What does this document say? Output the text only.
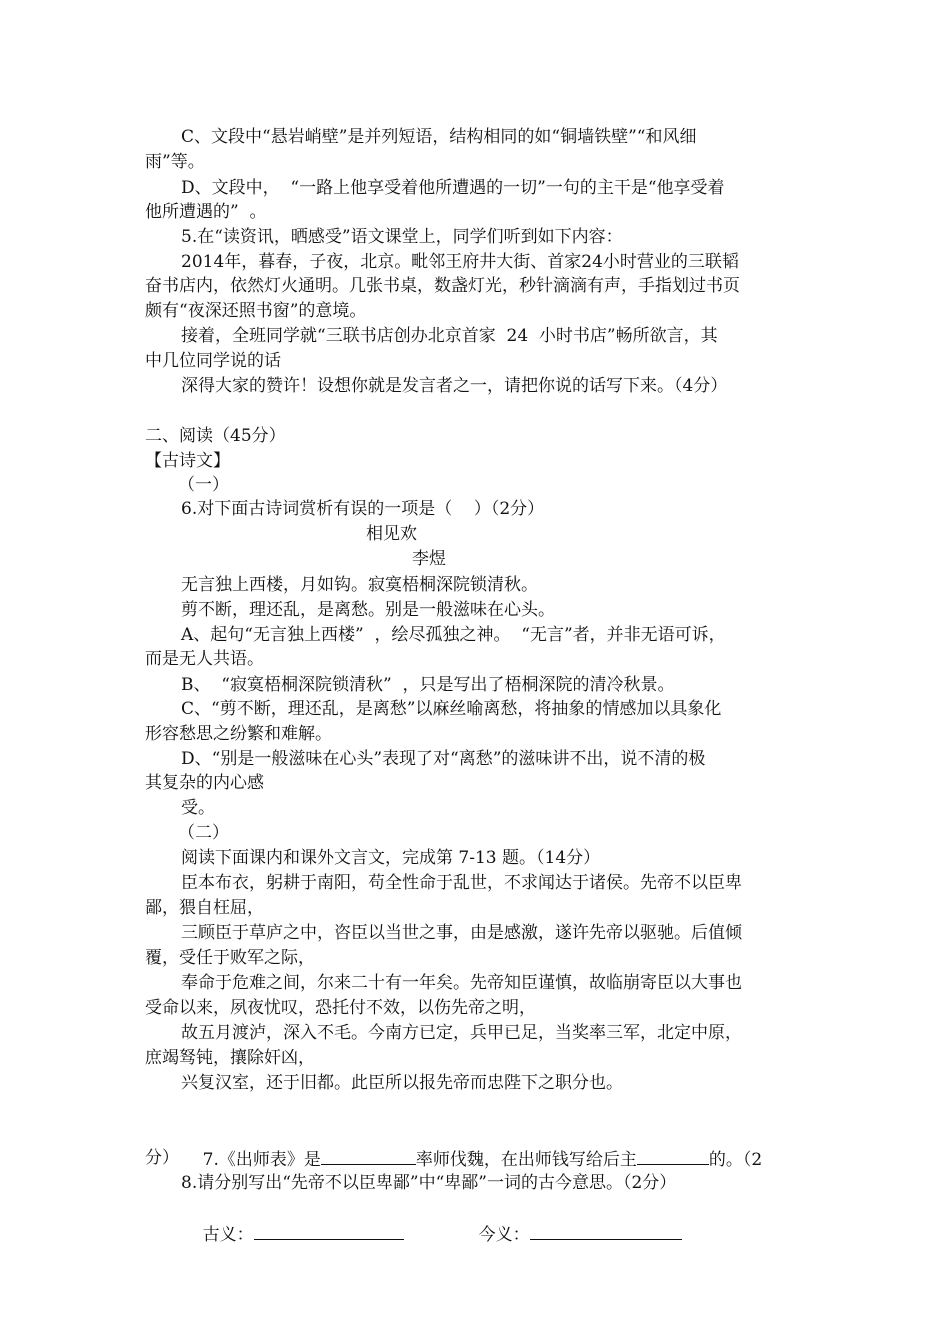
C、文段中“悬岩峭壁”是并列短语，结构相同的如“铜墙铁壁”“和风细
雨”等。
D、文段中，  “一路上他享受着他所遭遇的一切”一句的主干是“他享受着
他所遭遇的”  。
5.在“读资讯，晒感受”语文课堂上，同学们听到如下内容：
2014年，暮春，子夜，北京。毗邻王府井大街、首家24小时营业的三联韬
奋书店内，依然灯火通明。几张书桌，数盏灯光，秒针滴滴有声，手指划过书页
颇有“夜深还照书窗”的意境。
接着，全班同学就“三联书店创办北京首家  24  小时书店”畅所欲言，其
中几位同学说的话
深得大家的赞许！设想你就是发言者之一，请把你说的话写下来。（4分）
二、阅读（45分）
【古诗文】
（一）
6.对下面古诗词赏析有误的一项是（    ）（2分）
相见欢
李煜
无言独上西楼，月如钩。寂寞梧桐深院锁清秋。
剪不断，理还乱，是离愁。别是一般滋味在心头。
A、起句“无言独上西楼”  ，绘尽孤独之神。  “无言”者，并非无语可诉，
而是无人共语。
B、  “寂寞梧桐深院锁清秋”  ，只是写出了梧桐深院的清冷秋景。
C、“剪不断，理还乱，是离愁”以麻丝喻离愁，将抽象的情感加以具象化
形容愁思之纷繁和难解。
D、“别是一般滋味在心头”表现了对“离愁”的滋味讲不出，说不清的极
其复杂的内心感
受。
（二）
阅读下面课内和课外文言文，完成第 7-13 题。（14分）
臣本布衣，躬耕于南阳，苟全性命于乱世，不求闻达于诸侯。先帝不以臣卑
鄙，猥自枉屈，
三顾臣于草庐之中，咨臣以当世之事，由是感激，遂许先帝以驱驰。后值倾
覆，受任于败军之际，
奉命于危难之间，尔来二十有一年矣。先帝知臣谨慎，故临崩寄臣以大事也
受命以来，夙夜忧叹，恐托付不效，以伤先帝之明，
故五月渡泸，深入不毛。今南方已定，兵甲已足，当奖率三军，北定中原，
庶竭驽钝，攘除奸凶，
兴复汉室，还于旧都。此臣所以报先帝而忠陛下之职分也。

7.《出师表》是	率师伐魏，在出师钱写给后主	的。（2

分）
8.请分别写出“先帝不以臣卑鄙”中“卑鄙”一词的古今意思。（2分）

古义：	今义：
